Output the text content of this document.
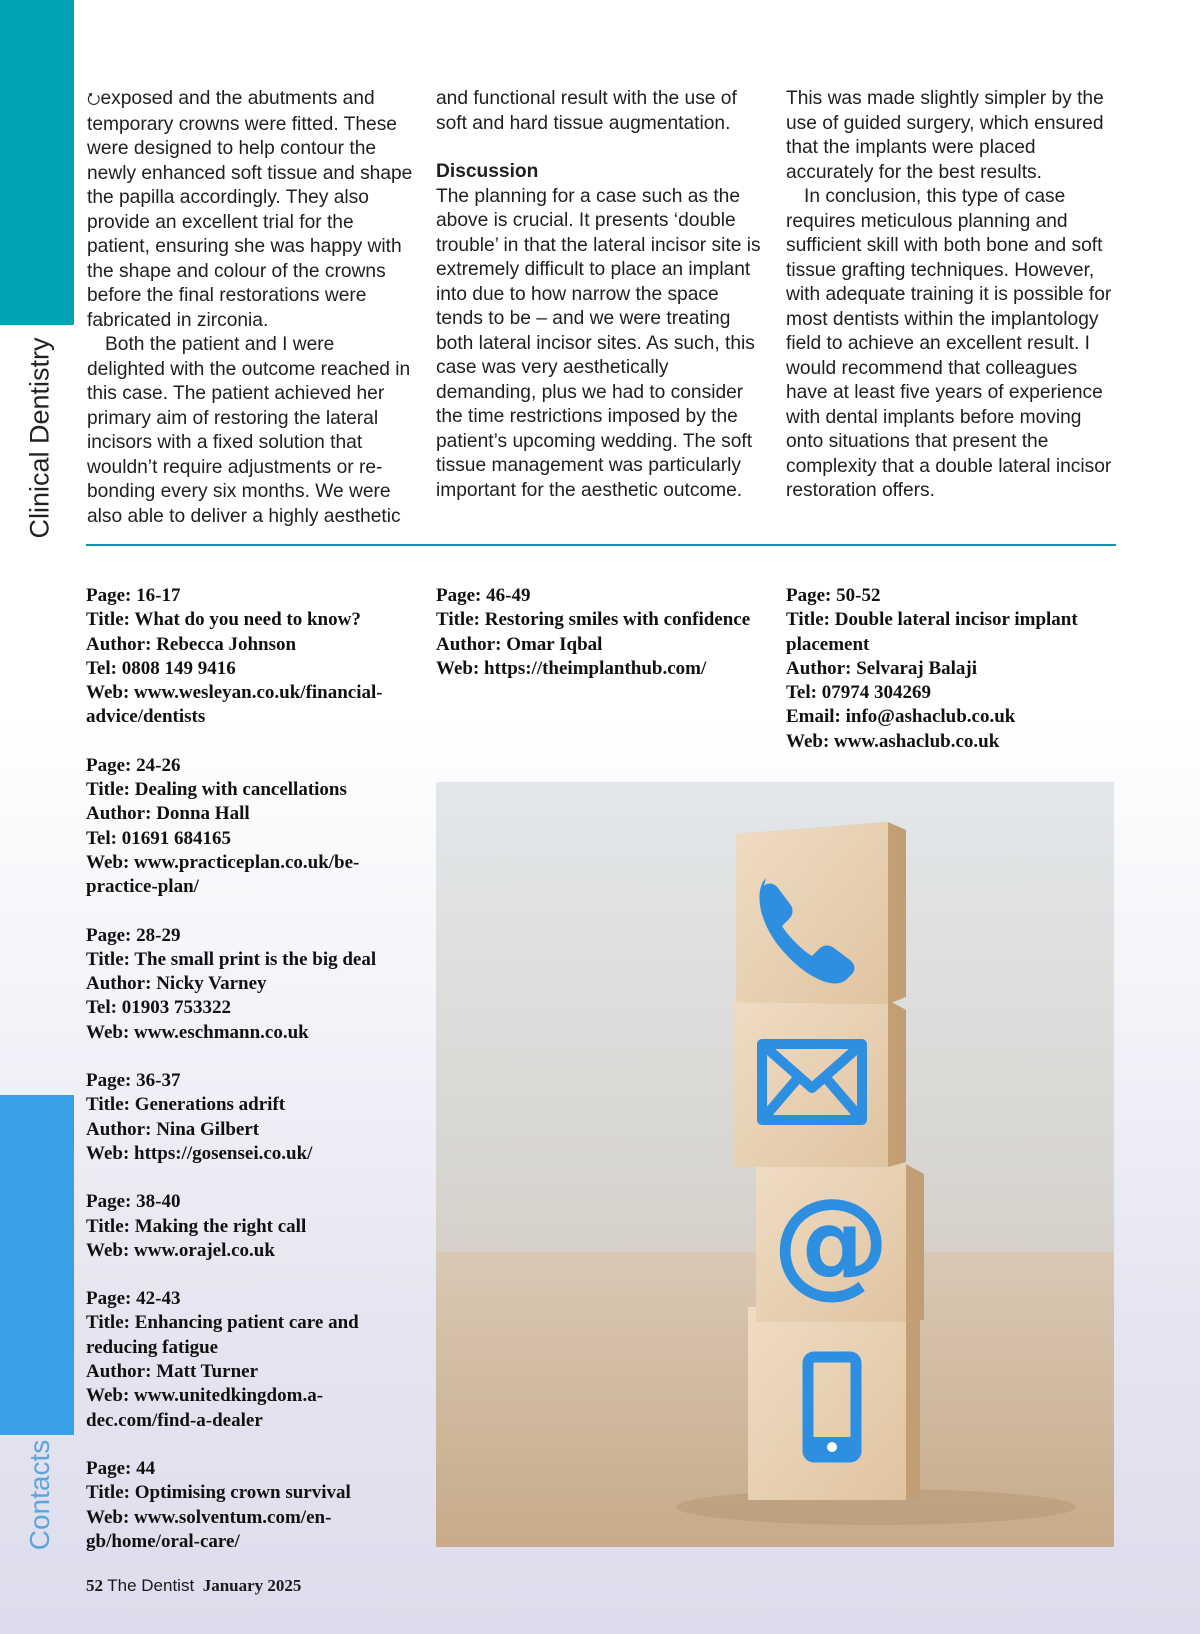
Clinical Dentistry
Contacts

⭮exposed and the abutments and temporary crowns were fitted. These were designed to help contour the newly enhanced soft tissue and shape the papilla accordingly. They also provide an excellent trial for the patient, ensuring she was happy with the shape and colour of the crowns before the final restorations were fabricated in zirconia.

Both the patient and I were delighted with the outcome reached in this case. The patient achieved her primary aim of restoring the lateral incisors with a fixed solution that wouldn’t require adjustments or re-bonding every six months. We were also able to deliver a highly aesthetic

and functional result with the use of soft and hard tissue augmentation.

Discussion

The planning for a case such as the above is crucial. It presents ‘double trouble’ in that the lateral incisor site is extremely difficult to place an implant into due to how narrow the space tends to be – and we were treating both lateral incisor sites. As such, this case was very aesthetically demanding, plus we had to consider the time restrictions imposed by the patient’s upcoming wedding. The soft tissue management was particularly important for the aesthetic outcome.

This was made slightly simpler by the use of guided surgery, which ensured that the implants were placed accurately for the best results.

In conclusion, this type of case requires meticulous planning and sufficient skill with both bone and soft tissue grafting techniques. However, with adequate training it is possible for most dentists within the implantology field to achieve an excellent result. I would recommend that colleagues have at least five years of experience with dental implants before moving onto situations that present the complexity that a double lateral incisor restoration offers.

Page: 16-17
Title: What do you need to know?
Author: Rebecca Johnson
Tel: 0808 149 9416
Web: www.wesleyan.co.uk/financial-advice/dentists
Page: 24-26
Title: Dealing with cancellations
Author: Donna Hall
Tel: 01691 684165
Web: www.practiceplan.co.uk/be-practice-plan/
Page: 28-29
Title: The small print is the big deal
Author: Nicky Varney
Tel: 01903 753322
Web: www.eschmann.co.uk
Page: 36-37
Title: Generations adrift
Author: Nina Gilbert
Web: https://gosensei.co.uk/
Page: 38-40
Title: Making the right call
Web: www.orajel.co.uk
Page: 42-43
Title: Enhancing patient care and reducing fatigue
Author: Matt Turner
Web: www.unitedkingdom.a-dec.com/find-a-dealer
Page: 44
Title: Optimising crown survival
Web: www.solventum.com/en-gb/home/oral-care/
Page: 46-49
Title: Restoring smiles with confidence
Author: Omar Iqbal
Web: https://theimplanthub.com/
Page: 50-52
Title: Double lateral incisor implant placement
Author: Selvaraj Balaji
Tel: 07974 304269
Email: info@ashaclub.co.uk
Web: www.ashaclub.co.uk
@
52 The Dentist January 2025
